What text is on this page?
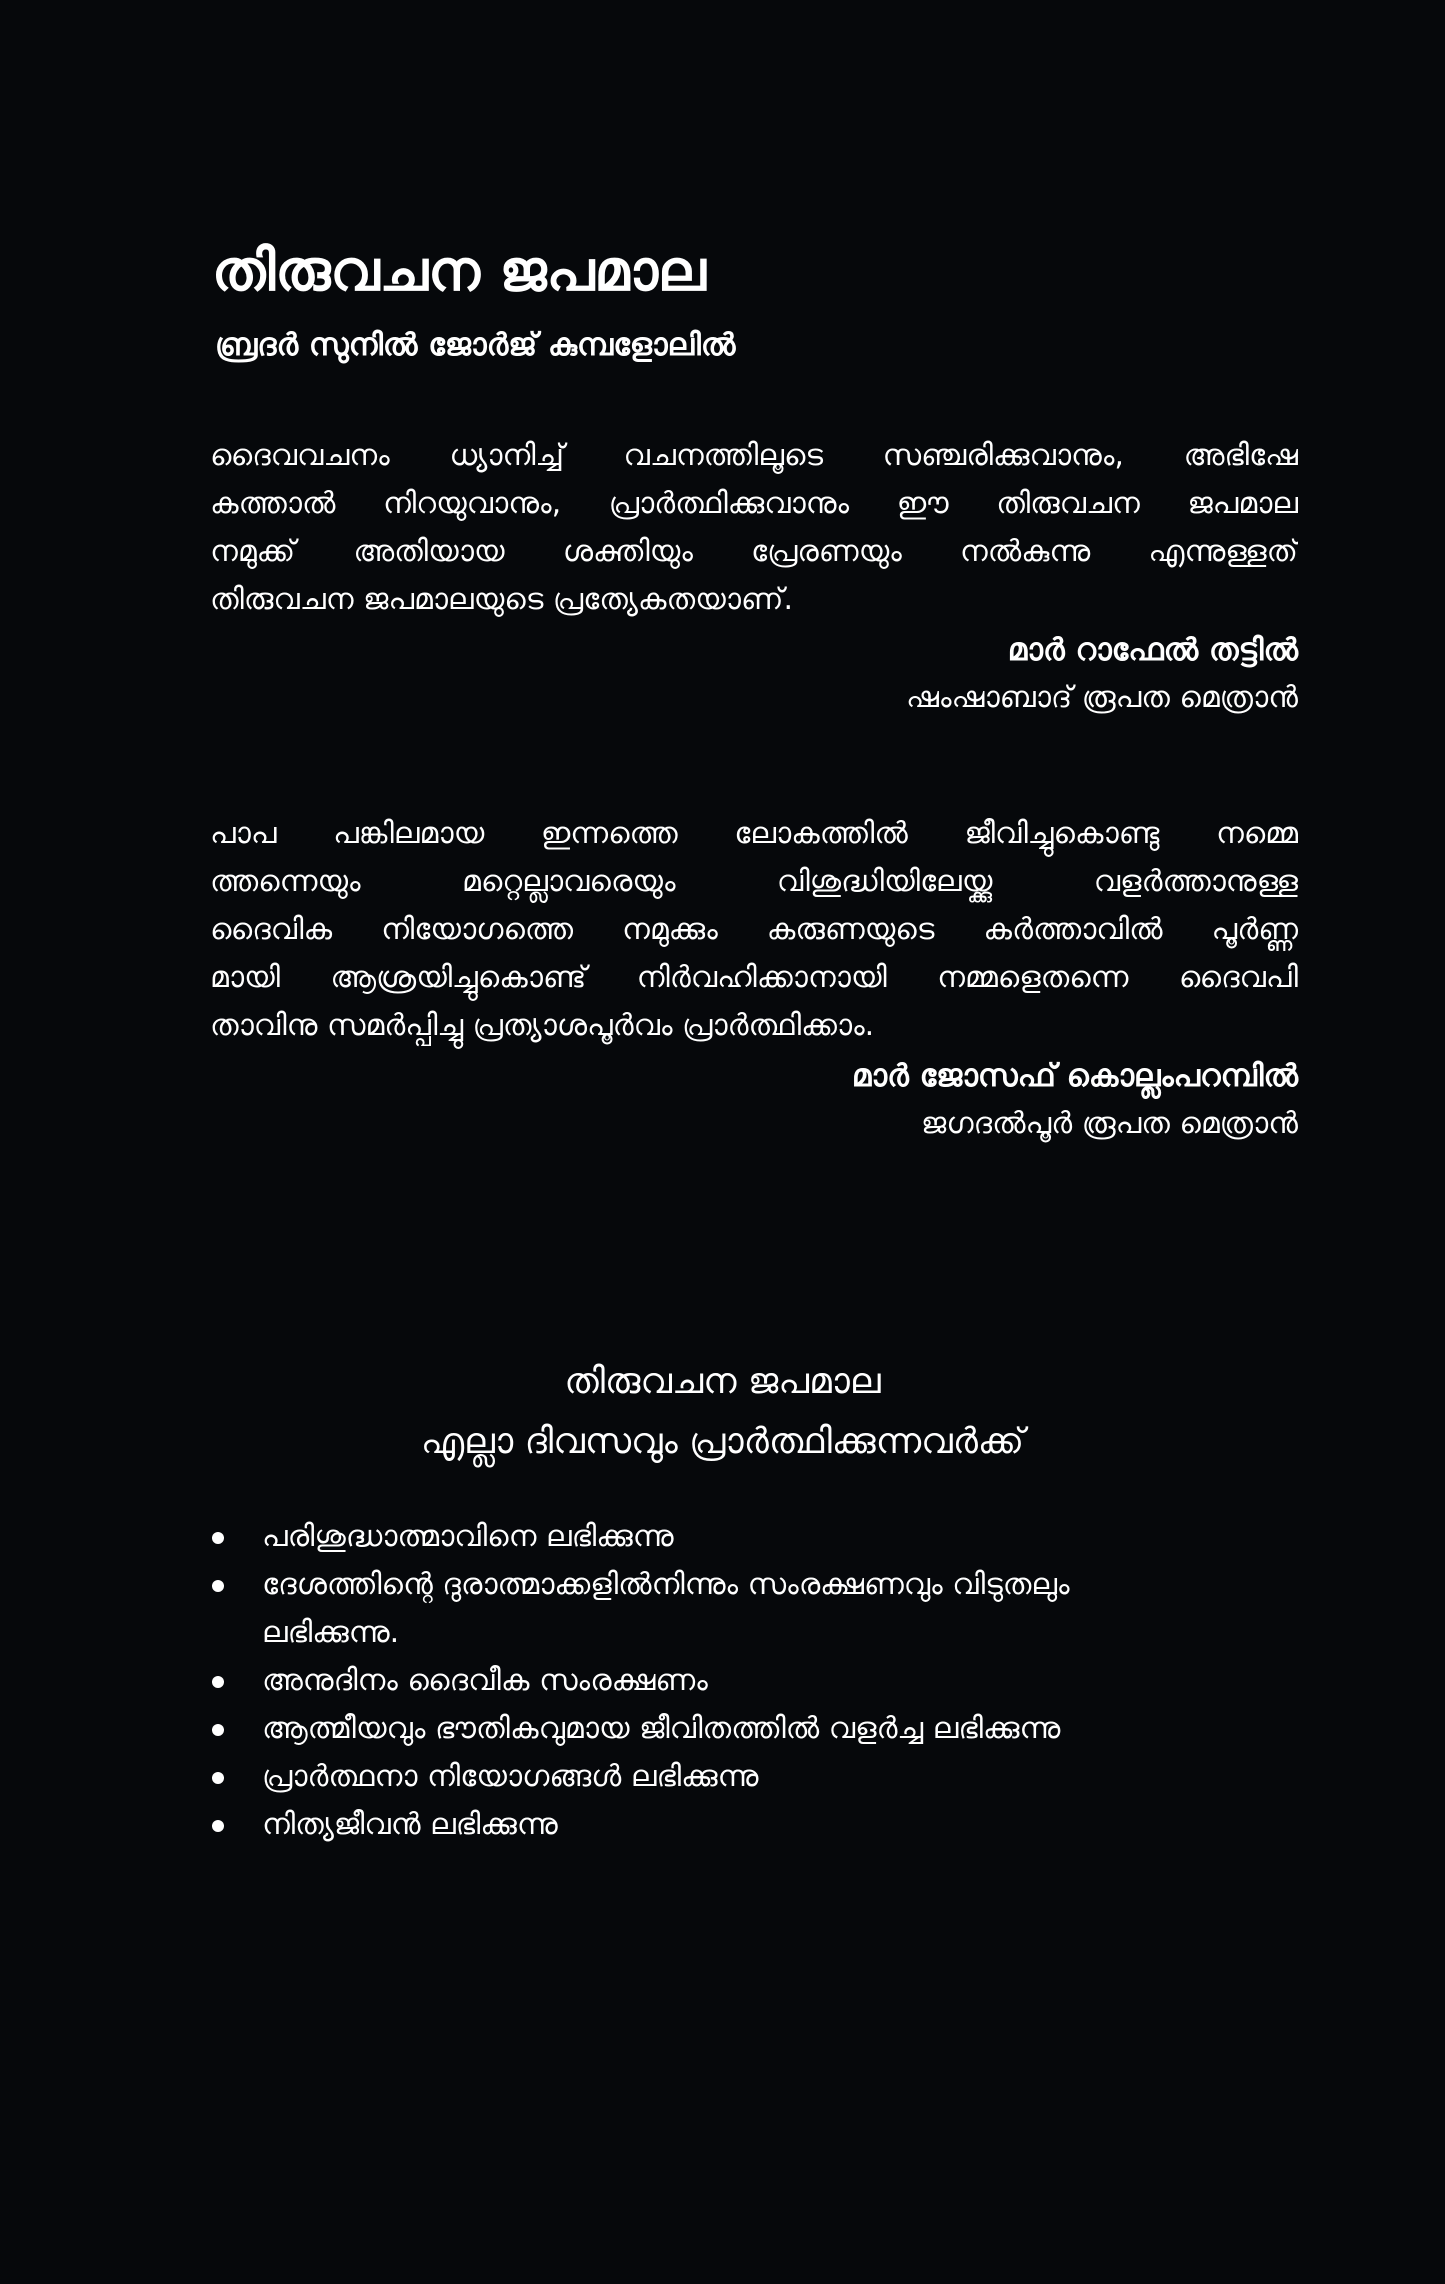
തിരുവചന ജപമാല
ബ്രദർ സുനിൽ ജോർജ് കുമ്പളോലിൽ
ദൈവവചനം ധ്യാനിച്ച് വചനത്തിലൂടെ സഞ്ചരിക്കുവാനും, അഭിഷേ
കത്താൽ നിറയുവാനും, പ്രാർത്ഥിക്കുവാനും ഈ തിരുവചന ജപമാല
നമുക്ക് അതിയായ ശക്തിയും പ്രേരണയും നൽകുന്നു എന്നുള്ളത്
തിരുവചന ജപമാലയുടെ പ്രത്യേകതയാണ്.
മാർ റാഫേൽ തട്ടിൽ
ഷംഷാബാദ് രൂപത മെത്രാൻ
പാപ പങ്കിലമായ ഇന്നത്തെ ലോകത്തിൽ ജീവിച്ചുകൊണ്ടു നമ്മെ
ത്തന്നെയും മറ്റെല്ലാവരെയും വിശുദ്ധിയിലേയ്ക്കു വളർത്താനുള്ള
ദൈവിക നിയോഗത്തെ നമുക്കും കരുണയുടെ കർത്താവിൽ പൂർണ്ണ
മായി ആശ്രയിച്ചുകൊണ്ട് നിർവഹിക്കാനായി നമ്മളെതന്നെ ദൈവപി
താവിനു സമർപ്പിച്ചു പ്രത്യാശപൂർവം പ്രാർത്ഥിക്കാം.
മാർ ജോസഫ് കൊല്ലംപറമ്പിൽ
ജഗദൽപൂർ രൂപത മെത്രാൻ
തിരുവചന ജപമാല
എല്ലാ ദിവസവും പ്രാർത്ഥിക്കുന്നവർക്ക്
പരിശുദ്ധാത്മാവിനെ ലഭിക്കുന്നു
ദേശത്തിന്റെ ദുരാത്മാക്കളിൽനിന്നും സംരക്ഷണവും വിടുതലും
ലഭിക്കുന്നു.
അനുദിനം ദൈവീക സംരക്ഷണം
ആത്മീയവും ഭൗതികവുമായ ജീവിതത്തിൽ വളർച്ച ലഭിക്കുന്നു
പ്രാർത്ഥനാ നിയോഗങ്ങൾ ലഭിക്കുന്നു
നിത്യജീവൻ ലഭിക്കുന്നു
